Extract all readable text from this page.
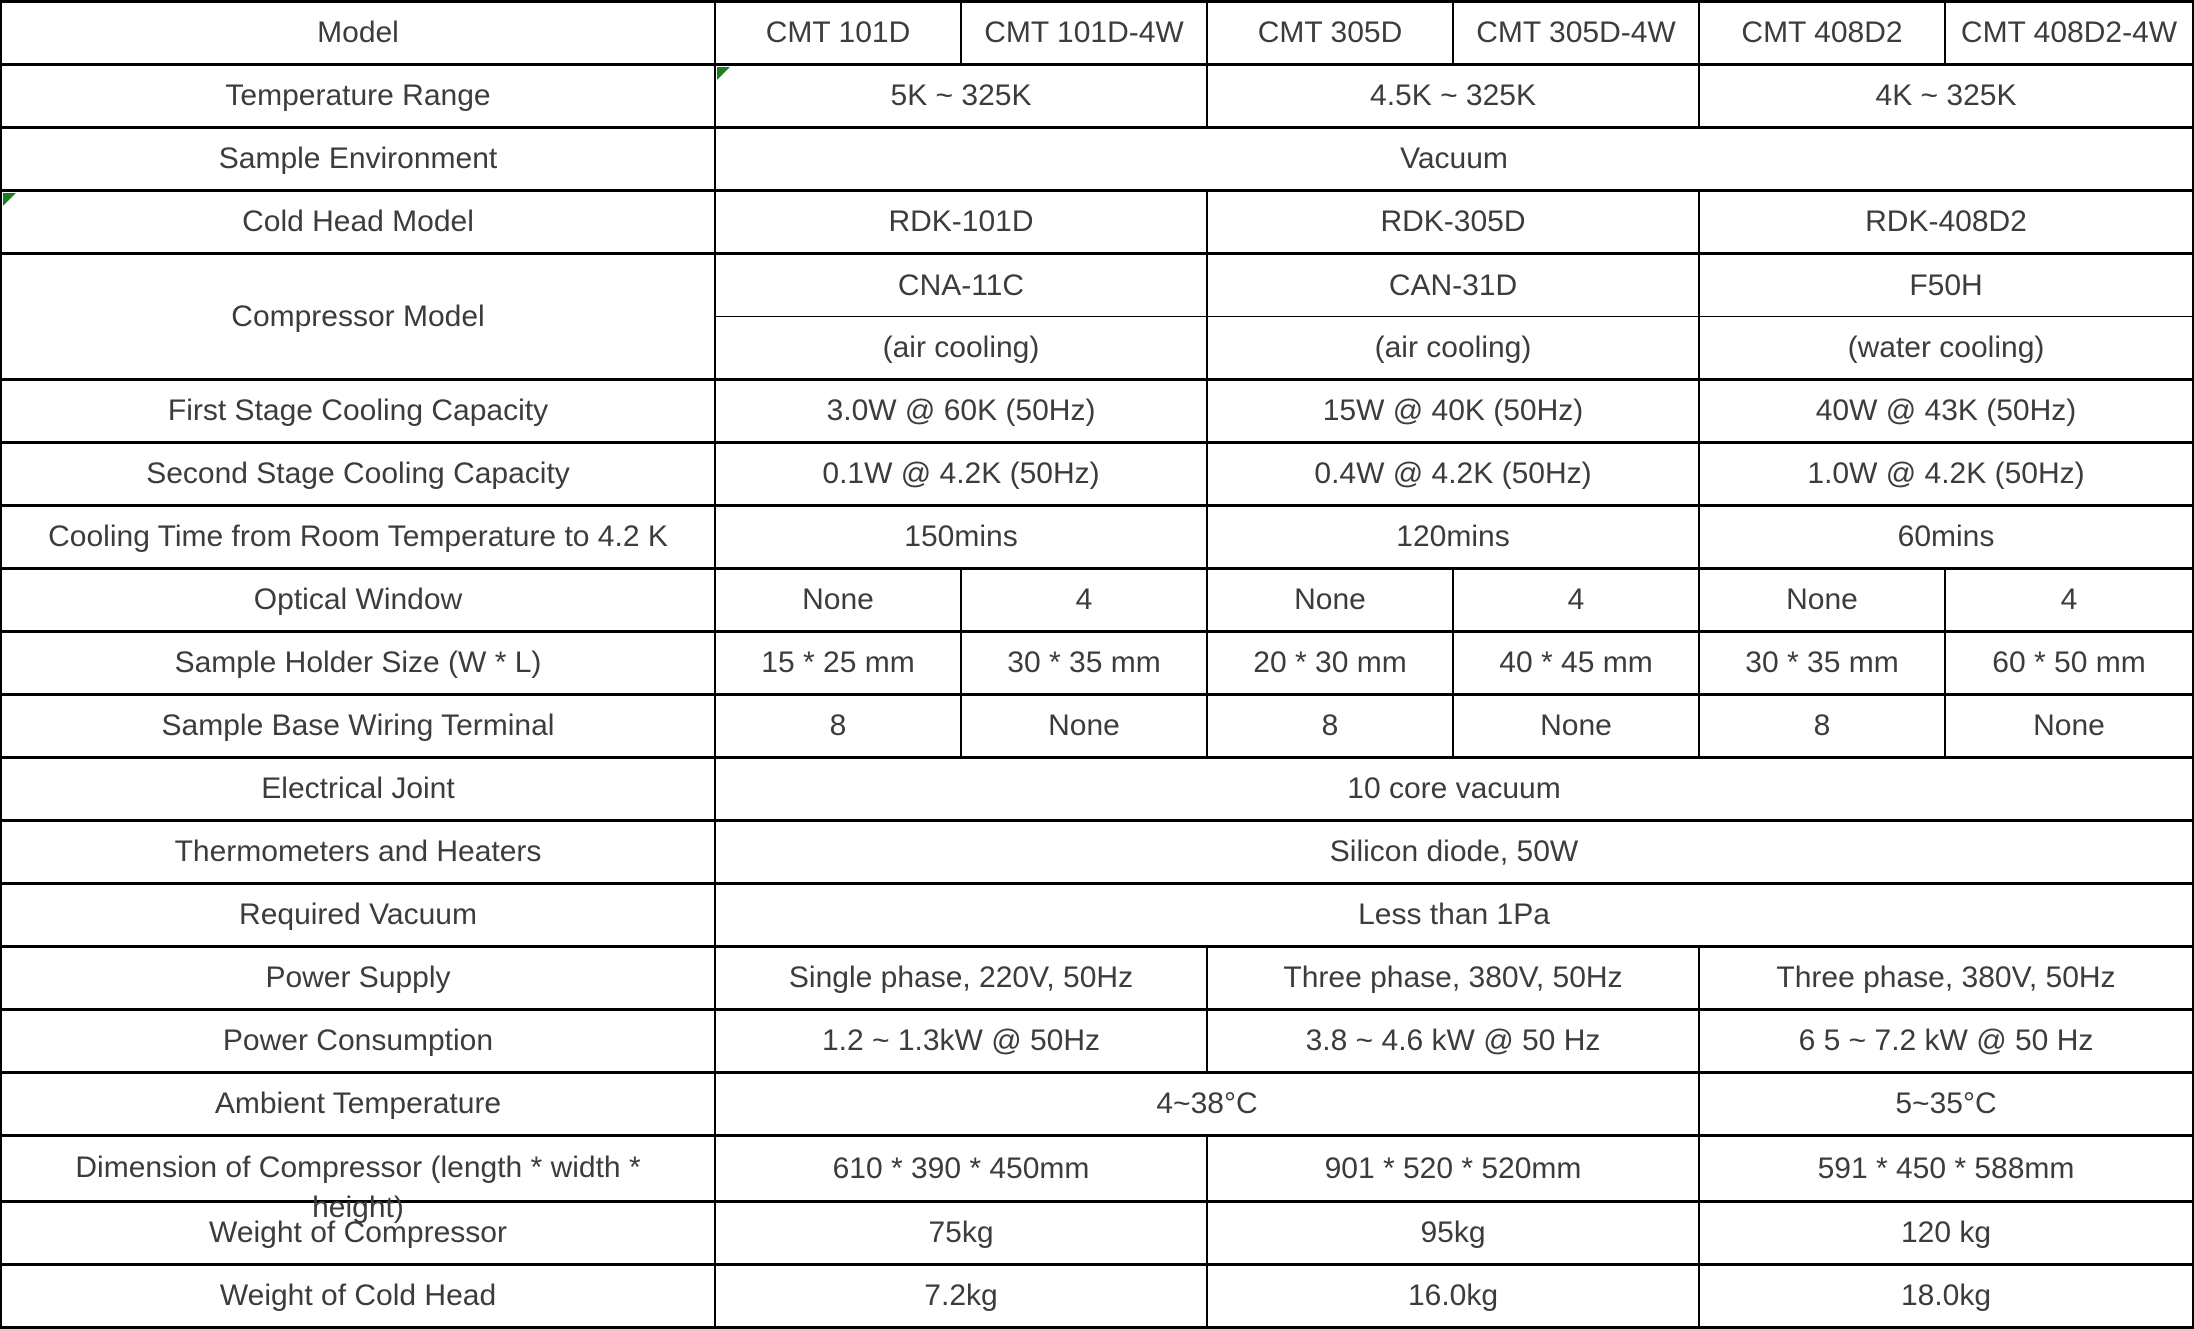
Model	CMT 101D	CMT 101D-4W	CMT 305D	CMT 305D-4W	CMT 408D2	CMT 408D2-4W
Temperature Range	5K ~ 325K		4.5K ~ 325K		4K ~ 325K	
Sample Environment	Vacuum					

Cold Head Model	RDK-101D		RDK-305D		RDK-408D2	
Compressor Model	CNA-11C		CAN-31D		F50H	
	(air cooling)		(air cooling)		(water cooling)	
First Stage Cooling Capacity	3.0W @ 60K (50Hz)		15W @ 40K (50Hz)		40W @ 43K (50Hz)	
Second Stage Cooling Capacity	0.1W @ 4.2K (50Hz)		0.4W @ 4.2K (50Hz)		1.0W @ 4.2K (50Hz)	
Cooling Time from Room Temperature to 4.2 K	150mins		120mins		60mins	
Optical Window	None	4	None	4	None	4
Sample Holder Size (W * L)	15 * 25 mm	30 * 35 mm	20 * 30 mm	40 * 45 mm	30 * 35 mm	60 * 50 mm
Sample Base Wiring Terminal	8	None	8	None	8	None
Electrical Joint	10 core vacuum					
Thermometers and Heaters	Silicon diode, 50W					
Required Vacuum	Less than 1Pa					
Power Supply	Single phase, 220V, 50Hz		Three phase, 380V, 50Hz		Three phase, 380V, 50Hz	
Power Consumption	1.2 ~ 1.3kW @ 50Hz		3.8 ~ 4.6 kW @ 50 Hz		6 5 ~ 7.2 kW @ 50 Hz	
Ambient Temperature	4~38°C				5~35°C	

Dimension of Compressor (length * width *
height)	610 * 390 * 450mm		901 * 520 * 520mm		591 * 450 * 588mm	
Weight of Compressor	75kg		95kg		120 kg	
Weight of Cold Head	7.2kg		16.0kg		18.0kg	
